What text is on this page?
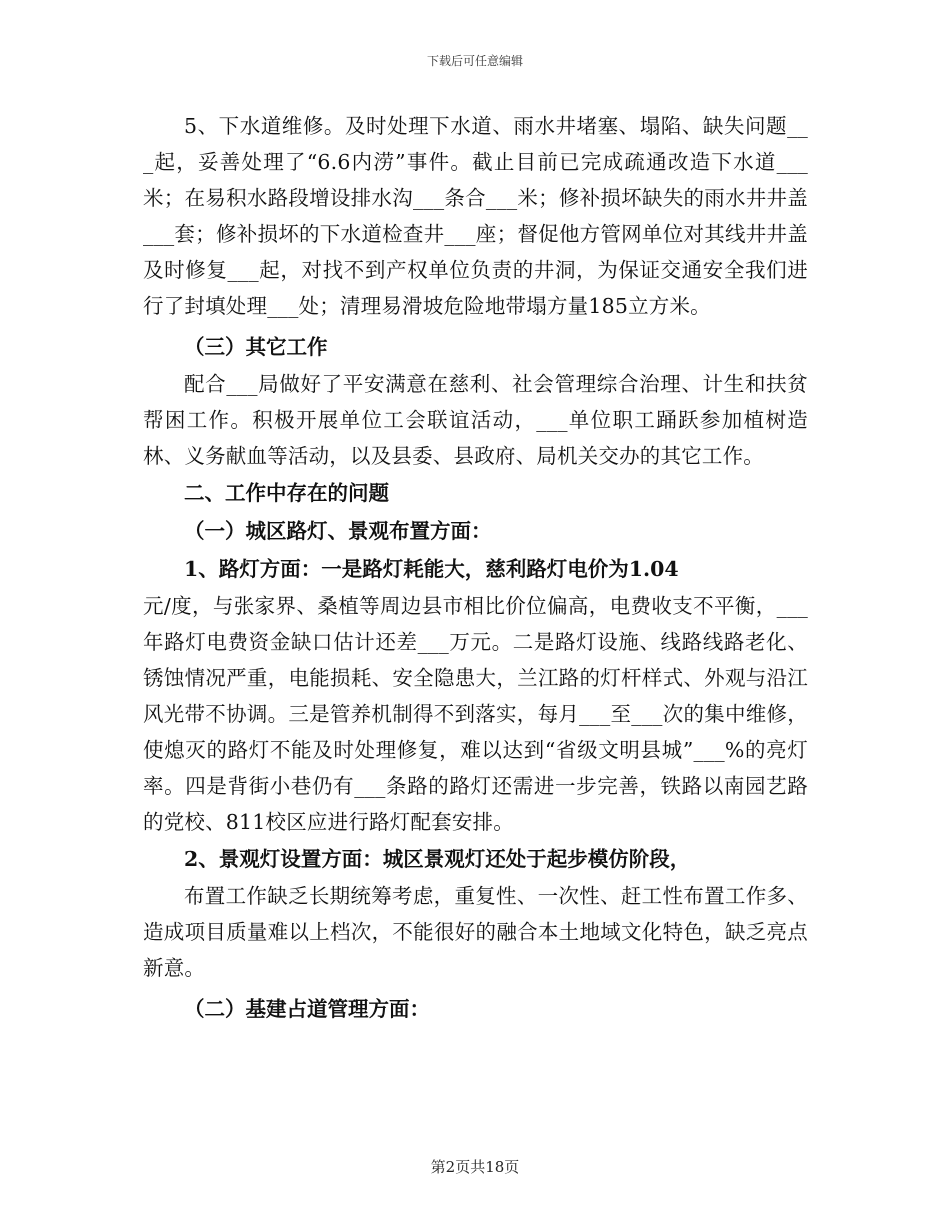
下载后可任意编辑

5、下水道维修。及时处理下水道、雨水井堵塞、塌陷、缺失问题___起，妥善处理了“6.6内涝”事件。截止目前已完成疏通改造下水道___米；在易积水路段增设排水沟___条合___米；修补损坏缺失的雨水井井盖___套；修补损坏的下水道检查井___座；督促他方管网单位对其线井井盖及时修复___起，对找不到产权单位负责的井洞，为保证交通安全我们进行了封填处理___处；清理易滑坡危险地带塌方量185立方米。

（三）其它工作

配合___局做好了平安满意在慈利、社会管理综合治理、计生和扶贫帮困工作。积极开展单位工会联谊活动，___单位职工踊跃参加植树造林、义务献血等活动，以及县委、县政府、局机关交办的其它工作。

二、工作中存在的问题

（一）城区路灯、景观布置方面：

1、路灯方面：一是路灯耗能大，慈利路灯电价为1.04

元/度，与张家界、桑植等周边县市相比价位偏高，电费收支不平衡，___年路灯电费资金缺口估计还差___万元。二是路灯设施、线路线路老化、锈蚀情况严重，电能损耗、安全隐患大，兰江路的灯杆样式、外观与沿江风光带不协调。三是管养机制得不到落实，每月___至___次的集中维修，使熄灭的路灯不能及时处理修复，难以达到“省级文明县城”___%的亮灯率。四是背街小巷仍有___条路的路灯还需进一步完善，铁路以南园艺路的党校、811校区应进行路灯配套安排。

2、景观灯设置方面：城区景观灯还处于起步模仿阶段，

布置工作缺乏长期统筹考虑，重复性、一次性、赶工性布置工作多、造成项目质量难以上档次，不能很好的融合本土地域文化特色，缺乏亮点新意。

（二）基建占道管理方面：

第2页共18页
